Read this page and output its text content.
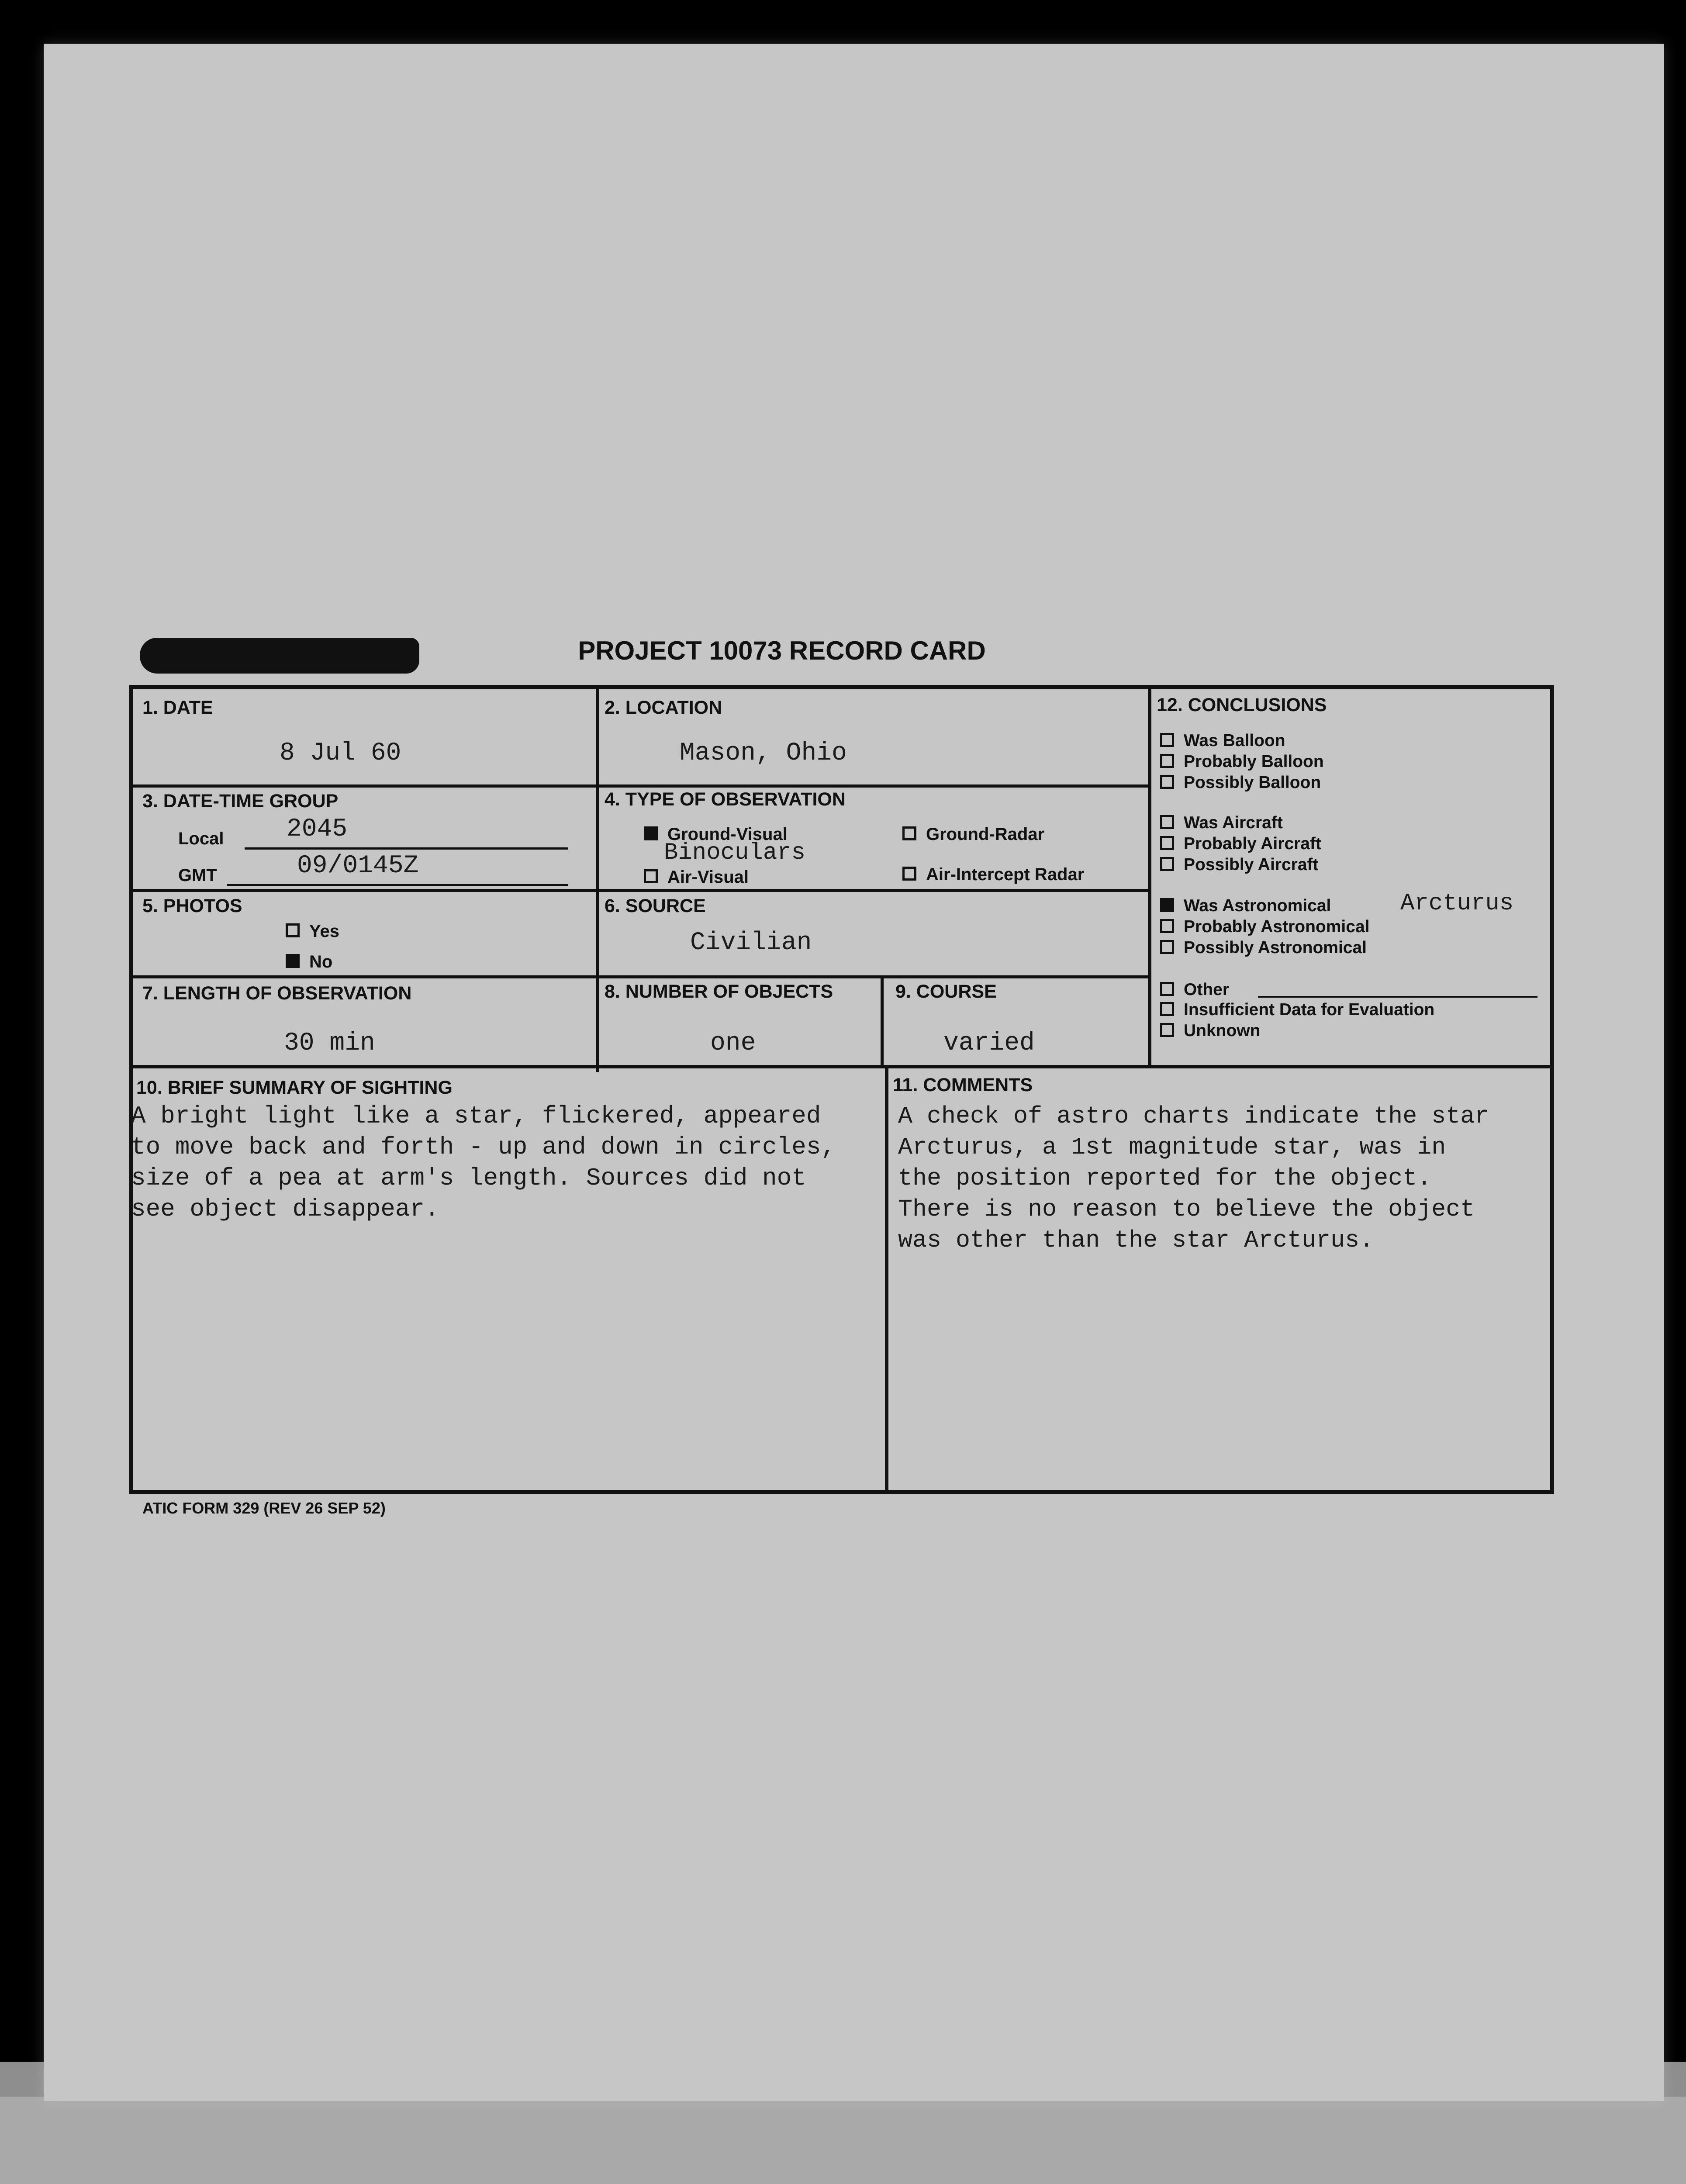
PROJECT 10073 RECORD CARD
1. DATE
8 Jul 60
2. LOCATION
Mason, Ohio
3. DATE-TIME GROUP
Local 2045
GMT	09/0145Z
4. TYPE OF OBSERVATION
Ground-Visual
Binoculars
Air-Visual
Ground-Radar
Air-Intercept Radar
5. PHOTOS
Yes
No
6. SOURCE
Civilian
7. LENGTH OF OBSERVATION
30 min
8. NUMBER OF OBJECTS
one
9. COURSE
varied
10. BRIEF SUMMARY OF SIGHTING
A bright light like a star, flickered, appeared
to move back and forth - up and down in circles,
size of a pea at arm's length. Sources did not
see object disappear.
11. COMMENTS
A check of astro charts indicate the star
Arcturus, a 1st magnitude star, was in
the position reported for the object.
There is no reason to believe the object
was other than the star Arcturus.
12. CONCLUSIONS
Was Balloon
Probably Balloon
Possibly Balloon
Was Aircraft
Probably Aircraft
Possibly Aircraft
Was Astronomical	Arcturus
Probably Astronomical
Possibly Astronomical
Other
Insufficient Data for Evaluation
Unknown
ATIC FORM 329 (REV 26 SEP 52)
